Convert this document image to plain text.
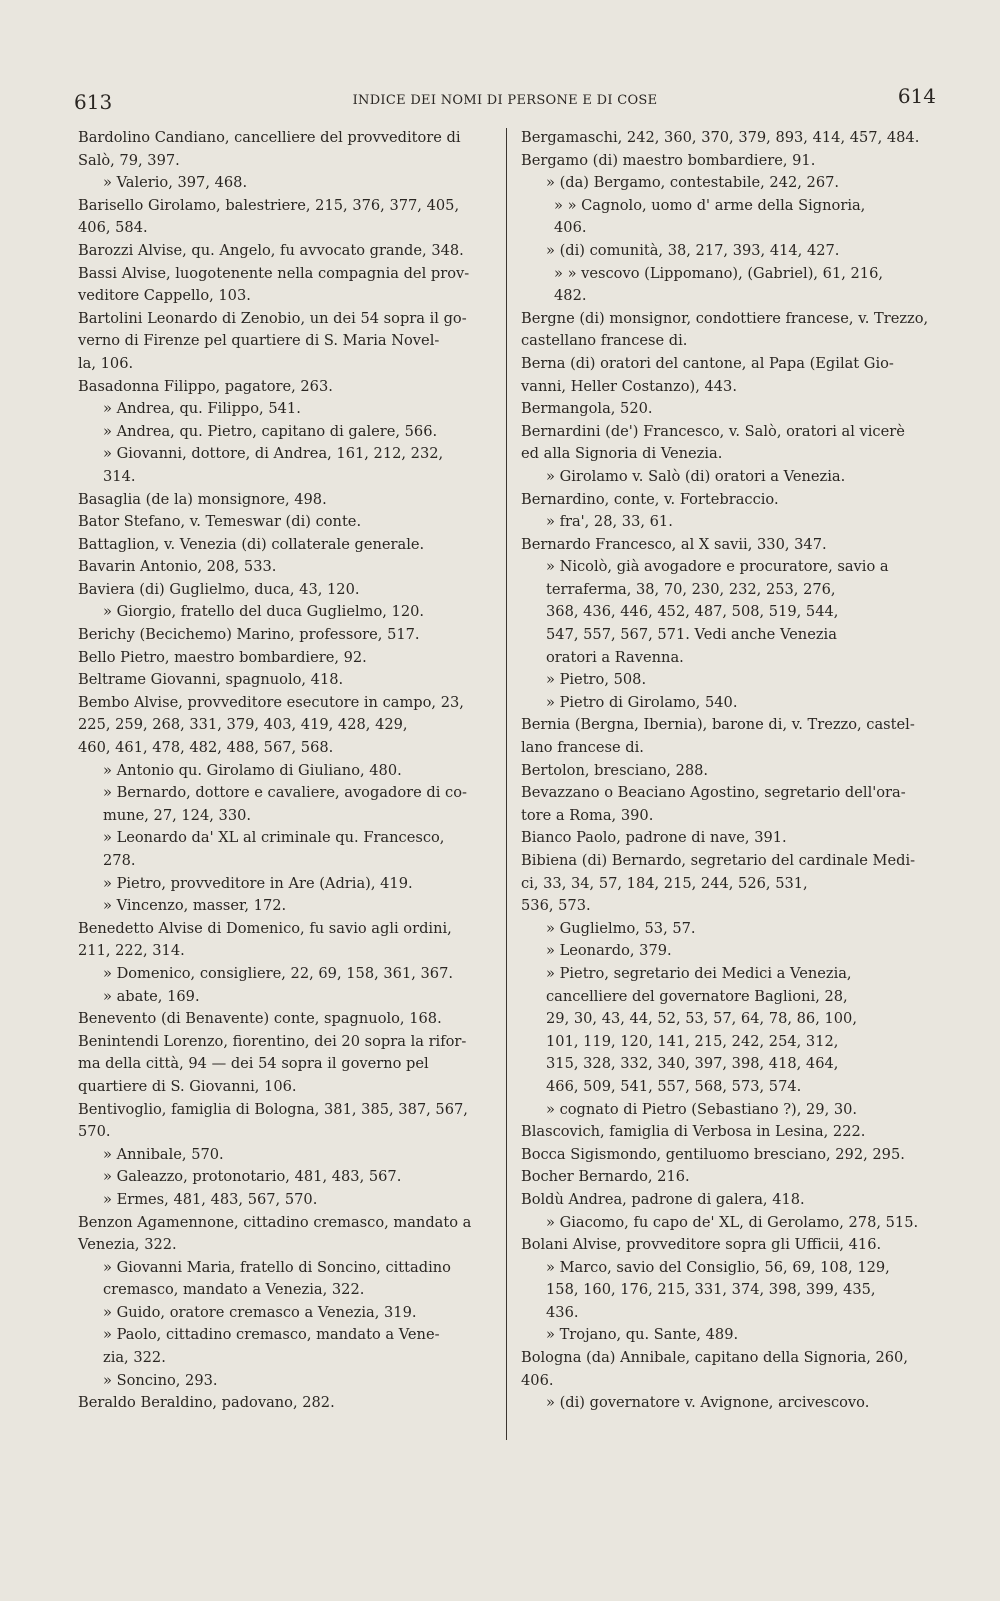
613	INDICE DEI NOMI DI PERSONE E DI COSE	614
Bardolino Candiano, cancelliere del provveditore di
Salò, 79, 397.
» Valerio, 397, 468.
Barisello Girolamo, balestriere, 215, 376, 377, 405,
406, 584.
Barozzi Alvise, qu. Angelo, fu avvocato grande, 348.
Bassi Alvise, luogotenente nella compagnia del prov-
veditore Cappello, 103.
Bartolini Leonardo di Zenobio, un dei 54 sopra il go-
verno di Firenze pel quartiere di S. Maria Novel-
la, 106.
Basadonna Filippo, pagatore, 263.
» Andrea, qu. Filippo, 541.
» Andrea, qu. Pietro, capitano di galere, 566.
» Giovanni, dottore, di Andrea, 161, 212, 232,
314.
Basaglia (de la) monsignore, 498.
Bator Stefano, v. Temeswar (di) conte.
Battaglion, v. Venezia (di) collaterale generale.
Bavarin Antonio, 208, 533.
Baviera (di) Guglielmo, duca, 43, 120.
» Giorgio, fratello del duca Guglielmo, 120.
Berichy (Becichemo) Marino, professore, 517.
Bello Pietro, maestro bombardiere, 92.
Beltrame Giovanni, spagnuolo, 418.
Bembo Alvise, provveditore esecutore in campo, 23,
225, 259, 268, 331, 379, 403, 419, 428, 429,
460, 461, 478, 482, 488, 567, 568.
» Antonio qu. Girolamo di Giuliano, 480.
» Bernardo, dottore e cavaliere, avogadore di co-
mune, 27, 124, 330.
» Leonardo da' XL al criminale qu. Francesco,
278.
» Pietro, provveditore in Are (Adria), 419.
» Vincenzo, masser, 172.
Benedetto Alvise di Domenico, fu savio agli ordini,
211, 222, 314.
» Domenico, consigliere, 22, 69, 158, 361, 367.
» abate, 169.
Benevento (di Benavente) conte, spagnuolo, 168.
Benintendi Lorenzo, fiorentino, dei 20 sopra la rifor-
ma della città, 94 — dei 54 sopra il governo pel
quartiere di S. Giovanni, 106.
Bentivoglio, famiglia di Bologna, 381, 385, 387, 567,
570.
» Annibale, 570.
» Galeazzo, protonotario, 481, 483, 567.
» Ermes, 481, 483, 567, 570.
Benzon Agamennone, cittadino cremasco, mandato a
Venezia, 322.
» Giovanni Maria, fratello di Soncino, cittadino
cremasco, mandato a Venezia, 322.
» Guido, oratore cremasco a Venezia, 319.
» Paolo, cittadino cremasco, mandato a Vene-
zia, 322.
» Soncino, 293.
Beraldo Beraldino, padovano, 282.
Bergamaschi, 242, 360, 370, 379, 893, 414, 457, 484.
Bergamo (di) maestro bombardiere, 91.
» (da) Bergamo, contestabile, 242, 267.
» » Cagnolo, uomo d' arme della Signoria,
406.
» (di) comunità, 38, 217, 393, 414, 427.
» » vescovo (Lippomano), (Gabriel), 61, 216,
482.
Bergne (di) monsignor, condottiere francese, v. Trezzo,
castellano francese di.
Berna (di) oratori del cantone, al Papa (Egilat Gio-
vanni, Heller Costanzo), 443.
Bermangola, 520.
Bernardini (de') Francesco, v. Salò, oratori al vicerè
ed alla Signoria di Venezia.
» Girolamo v. Salò (di) oratori a Venezia.
Bernardino, conte, v. Fortebraccio.
» fra', 28, 33, 61.
Bernardo Francesco, al X savii, 330, 347.
» Nicolò, già avogadore e procuratore, savio a
terraferma, 38, 70, 230, 232, 253, 276,
368, 436, 446, 452, 487, 508, 519, 544,
547, 557, 567, 571. Vedi anche Venezia
oratori a Ravenna.
» Pietro, 508.
» Pietro di Girolamo, 540.
Bernia (Bergna, Ibernia), barone di, v. Trezzo, castel-
lano francese di.
Bertolon, bresciano, 288.
Bevazzano o Beaciano Agostino, segretario dell'ora-
tore a Roma, 390.
Bianco Paolo, padrone di nave, 391.
Bibiena (di) Bernardo, segretario del cardinale Medi-
ci, 33, 34, 57, 184, 215, 244, 526, 531,
536, 573.
» Guglielmo, 53, 57.
» Leonardo, 379.
» Pietro, segretario dei Medici a Venezia,
cancelliere del governatore Baglioni, 28,
29, 30, 43, 44, 52, 53, 57, 64, 78, 86, 100,
101, 119, 120, 141, 215, 242, 254, 312,
315, 328, 332, 340, 397, 398, 418, 464,
466, 509, 541, 557, 568, 573, 574.
» cognato di Pietro (Sebastiano ?), 29, 30.
Blascovich, famiglia di Verbosa in Lesina, 222.
Bocca Sigismondo, gentiluomo bresciano, 292, 295.
Bocher Bernardo, 216.
Boldù Andrea, padrone di galera, 418.
» Giacomo, fu capo de' XL, di Gerolamo, 278, 515.
Bolani Alvise, provveditore sopra gli Ufficii, 416.
» Marco, savio del Consiglio, 56, 69, 108, 129,
158, 160, 176, 215, 331, 374, 398, 399, 435,
436.
» Trojano, qu. Sante, 489.
Bologna (da) Annibale, capitano della Signoria, 260,
406.
» (di) governatore v. Avignone, arcivescovo.
